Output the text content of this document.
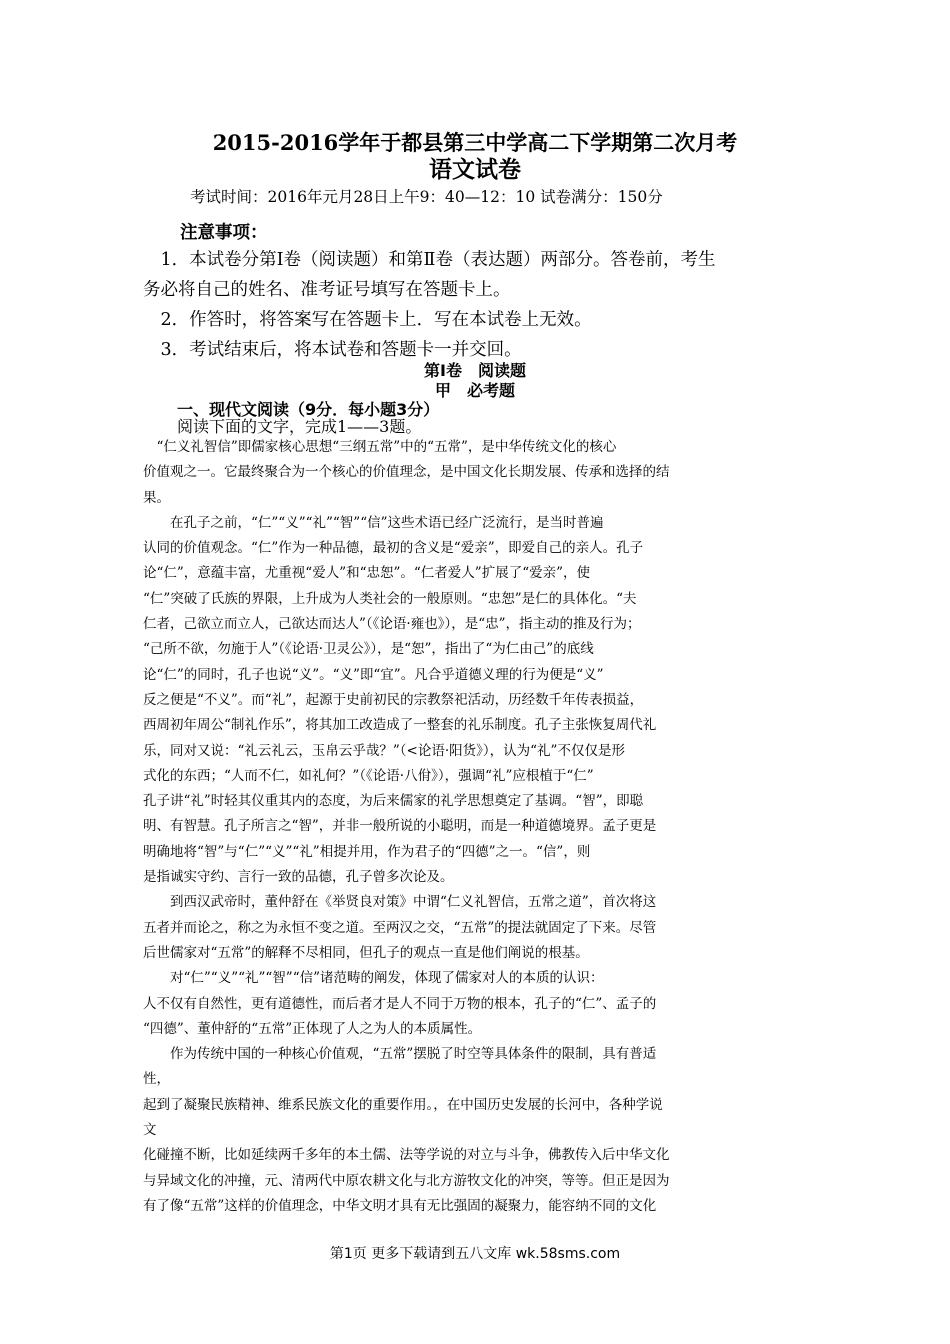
2015-2016学年于都县第三中学高二下学期第二次月考
语文试卷
考试时间：2016年元月28日上午9：40—12：10 试卷满分：150分
注意事项：
　1．本试卷分第Ⅰ卷（阅读题）和第Ⅱ卷（表达题）两部分。答卷前，考生
务必将自己的姓名、准考证号填写在答题卡上。
　2．作答时，将答案写在答题卡上．写在本试卷上无效。
　3．考试结束后，将本试卷和答题卡一并交回。
第Ⅰ卷　阅读题
甲　必考题
一、现代文阅读（9分．每小题3分）
阅读下面的文字，完成1——3题。
　“仁义礼智信”即儒家核心思想“三纲五常”中的“五常”，是中华传统文化的核心
价值观之一。它最终聚合为一个核心的价值理念，是中国文化长期发展、传承和选择的结
果。
　　在孔子之前，“仁”“义”“礼”“智”“信”这些术语已经广泛流行，是当时普遍
认同的价值观念。“仁”作为一种品德，最初的含义是“爱亲”，即爱自己的亲人。孔子
论“仁”，意蕴丰富，尤重视“爱人”和“忠恕”。“仁者爱人”扩展了“爱亲”，使
“仁”突破了氏族的界限，上升成为人类社会的一般原则。“忠恕”是仁的具体化。“夫
仁者，己欲立而立人，己欲达而达人”（《论语·雍也》），是“忠”，指主动的推及行为；
“己所不欲，勿施于人”（《论语·卫灵公》），是“恕”，指出了“为仁由己”的底线
论“仁”的同时，孔子也说“义”。“义”即“宜”。凡合乎道德义理的行为便是“义”
反之便是“不义”。而“礼”，起源于史前初民的宗教祭祀活动，历经数千年传表损益，
西周初年周公“制礼作乐”，将其加工改造成了一整套的礼乐制度。孔子主张恢复周代礼
乐，同对又说：“礼云礼云，玉帛云乎哉？”（<论语·阳货》），认为“礼”不仅仅是形
式化的东西；“人而不仁，如礼何？”（《论语·八佾》），强调“礼”应根植于“仁”
孔子讲“礼”时轻其仪重其内的态度，为后来儒家的礼学思想奠定了基调。“智”，即聪
明、有智慧。孔子所言之“智”，并非一般所说的小聪明，而是一种道德境界。孟子更是
明确地将“智”与“仁”“义”“礼”相提并用，作为君子的“四德”之一。“信”，则
是指诚实守约、言行一致的品德，孔子曾多次论及。
　　到西汉武帝时，董仲舒在《举贤良对策》中谓“仁义礼智信，五常之道”，首次将这
五者并而论之，称之为永恒不变之道。至两汉之交，“五常”的提法就固定了下来。尽管
后世儒家对“五常”的解释不尽相同，但孔子的观点一直是他们阐说的根基。
　　对“仁”“义”“礼”“智”“信”诸范畴的阐发，体现了儒家对人的本质的认识：
人不仅有自然性，更有道德性，而后者才是人不同于万物的根本，孔子的“仁”、孟子的
“四德”、董仲舒的“五常”正体现了人之为人的本质属性。
　　作为传统中国的一种核心价值观，“五常”摆脱了时空等具体条件的限制，具有普适
性，
起到了凝聚民族精神、维系民族文化的重要作用。，在中国历史发展的长河中，各种学说
文
化碰撞不断，比如延续两千多年的本土儒、法等学说的对立与斗争，佛教传入后中华文化
与异域文化的冲撞，元、清两代中原农耕文化与北方游牧文化的冲突，等等。但正是因为
有了像“五常”这样的价值理念，中华文明才具有无比强固的凝聚力，能容纳不同的文化
第1页 更多下载请到五八文库 wk.58sms.com
